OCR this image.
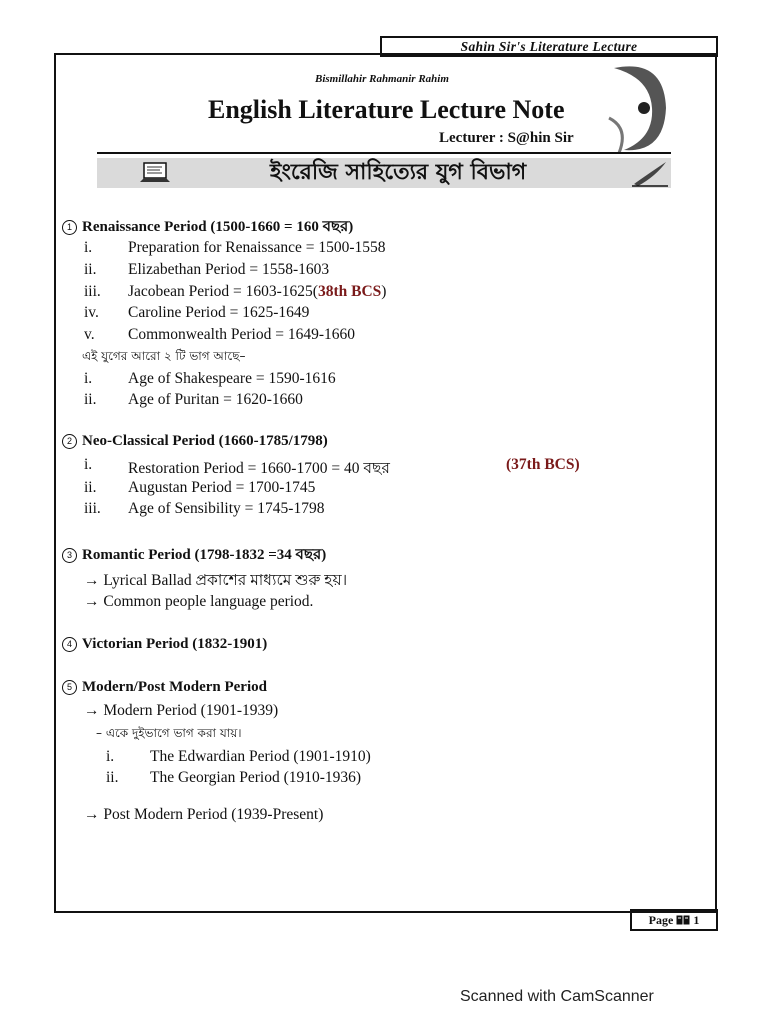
Sahin Sir's Literature Lecture
Bismillahir Rahmanir Rahim
English Literature Lecture Note
Lecturer : S@hin Sir
ইংরেজি সাহিত্যের যুগ বিভাগ
1 Renaissance Period (1500-1660 = 160 বছর)
i. Preparation for Renaissance = 1500-1558
ii. Elizabethan Period = 1558-1603
iii. Jacobean Period = 1603-1625(38th BCS)
iv. Caroline Period = 1625-1649
v. Commonwealth Period = 1649-1660
এই যুগের আরো ২ টি ভাগ আছে–
i. Age of Shakespeare = 1590-1616
ii. Age of Puritan = 1620-1660
2 Neo-Classical Period (1660-1785/1798)
i. Restoration Period = 1660-1700 = 40 বছর	(37th BCS)
ii. Augustan Period = 1700-1745
iii. Age of Sensibility = 1745-1798
3 Romantic Period (1798-1832 =34 বছর)
→ Lyrical Ballad প্রকাশের মাধ্যমে শুরু হয়।
→ Common people language period.
4 Victorian Period (1832-1901)
5 Modern/Post Modern Period
→ Modern Period (1901-1939)
– একে দুইভাগে ভাগ করা যায়।
i. The Edwardian Period (1901-1910)
ii. The Georgian Period (1910-1936)
→ Post Modern Period (1939-Present)
Page 1
Scanned with CamScanner
